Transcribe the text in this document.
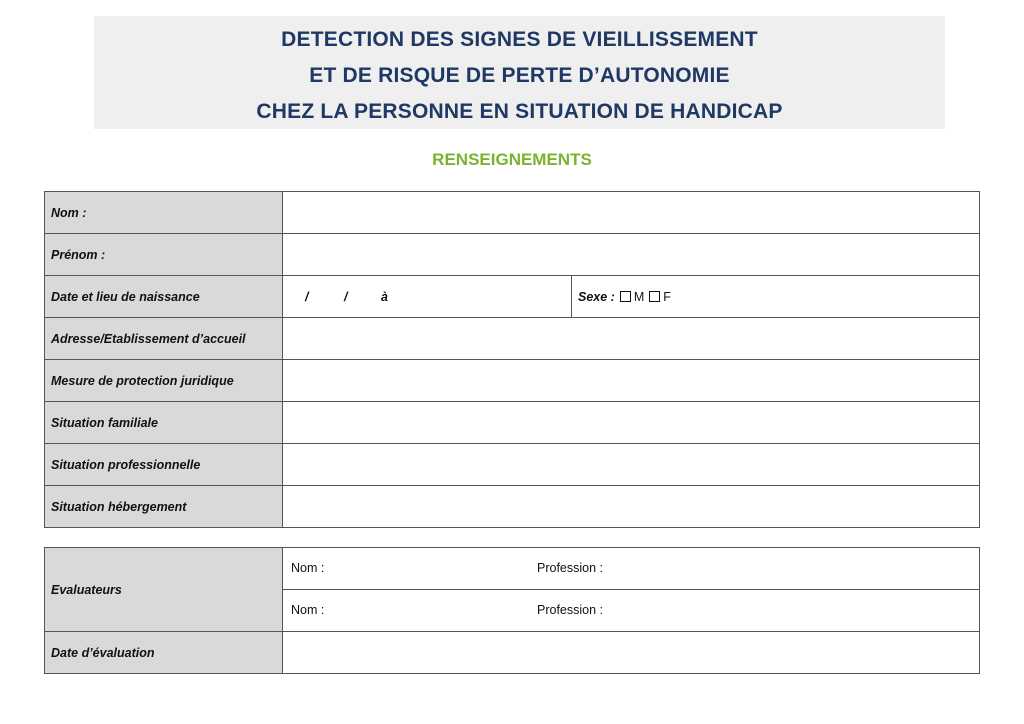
DETECTION DES SIGNES DE VIEILLISSEMENT
ET DE RISQUE DE PERTE D’AUTONOMIE
CHEZ LA PERSONNE EN SITUATION DE HANDICAP
RENSEIGNEMENTS
Nom :		
Prénom :		
Date et lieu de naissance	/ / à	Sexe : M F
Adresse/Etablissement d’accueil		
Mesure de protection juridique		
Situation familiale		
Situation professionnelle		
Situation hébergement		
Evaluateurs	Nom : Profession :

	Nom : Profession :

Date d’évaluation	
